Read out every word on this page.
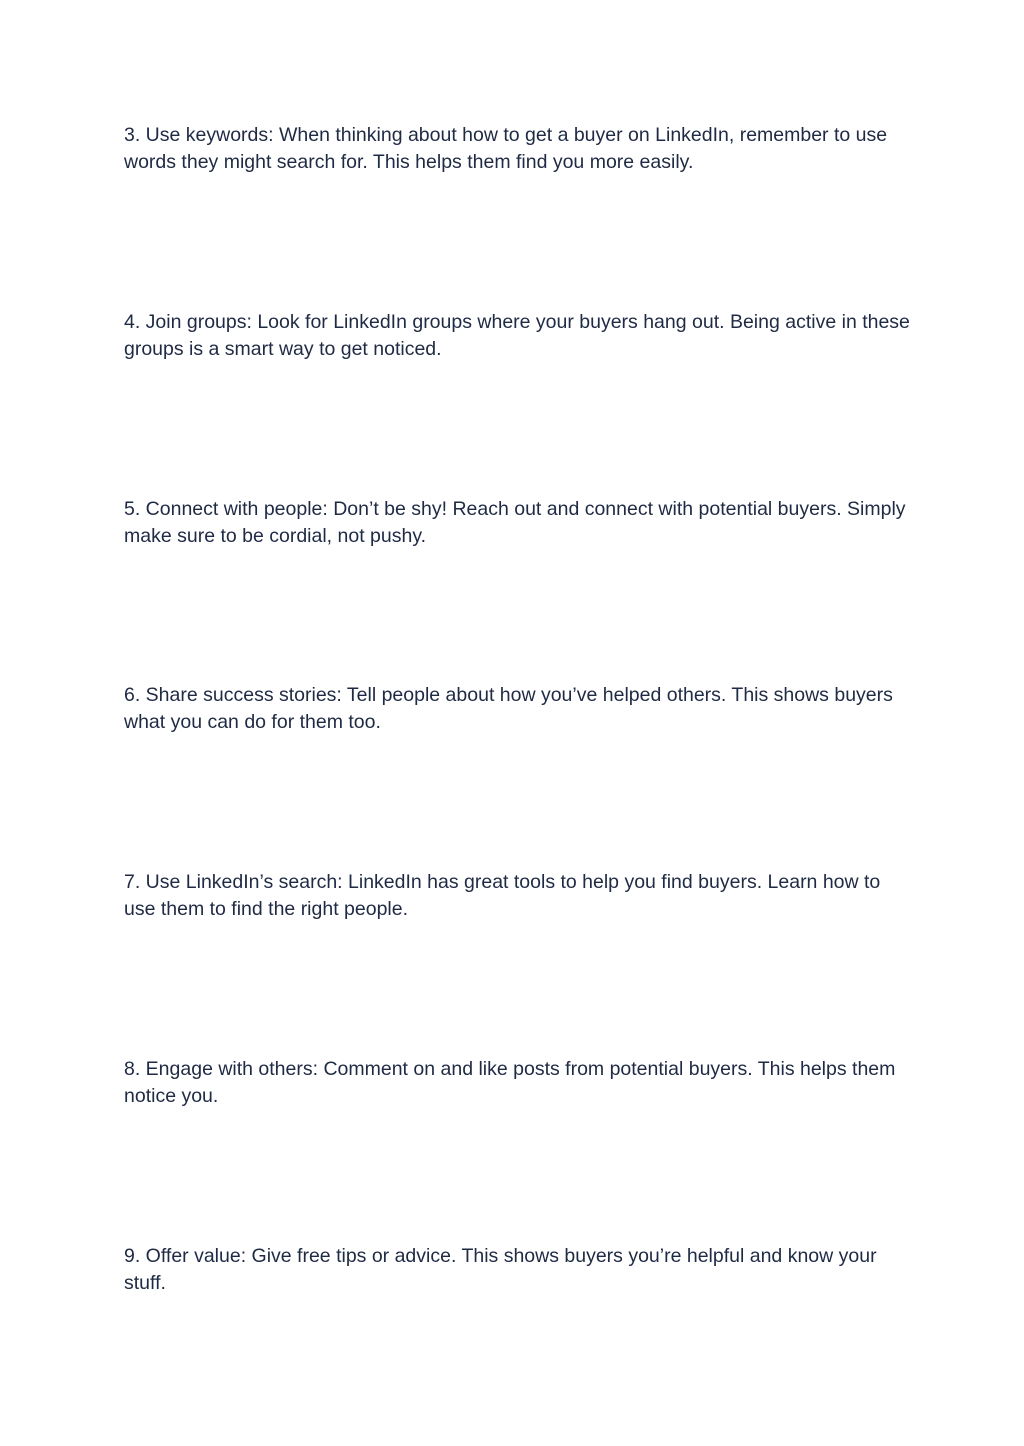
3. Use keywords: When thinking about how to get a buyer on LinkedIn, remember to use words they might search for. This helps them find you more easily.

4. Join groups: Look for LinkedIn groups where your buyers hang out. Being active in these groups is a smart way to get noticed.

5. Connect with people: Don’t be shy! Reach out and connect with potential buyers. Simply make sure to be cordial, not pushy.

6. Share success stories: Tell people about how you’ve helped others. This shows buyers what you can do for them too.

7. Use LinkedIn’s search: LinkedIn has great tools to help you find buyers. Learn how to use them to find the right people.

8. Engage with others: Comment on and like posts from potential buyers. This helps them notice you.

9. Offer value: Give free tips or advice. This shows buyers you’re helpful and know your stuff.
